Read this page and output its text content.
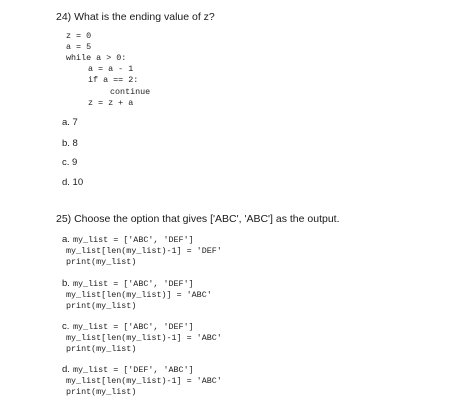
24) What is the ending value of z?
z = 0
a = 5
while a > 0:
a = a - 1
if a == 2:
continue
z = z + a
a. 7
b. 8
c. 9
d. 10
25) Choose the option that gives ['ABC', 'ABC'] as the output.
a. my_list = ['ABC', 'DEF']
my_list[len(my_list)-1] = 'DEF'
print(my_list)
b. my_list = ['ABC', 'DEF']
my_list[len(my_list)] = 'ABC'
print(my_list)
c. my_list = ['ABC', 'DEF']
my_list[len(my_list)-1] = 'ABC'
print(my_list)
d. my_list = ['DEF', 'ABC']
my_list[len(my_list)-1] = 'ABC'
print(my_list)
